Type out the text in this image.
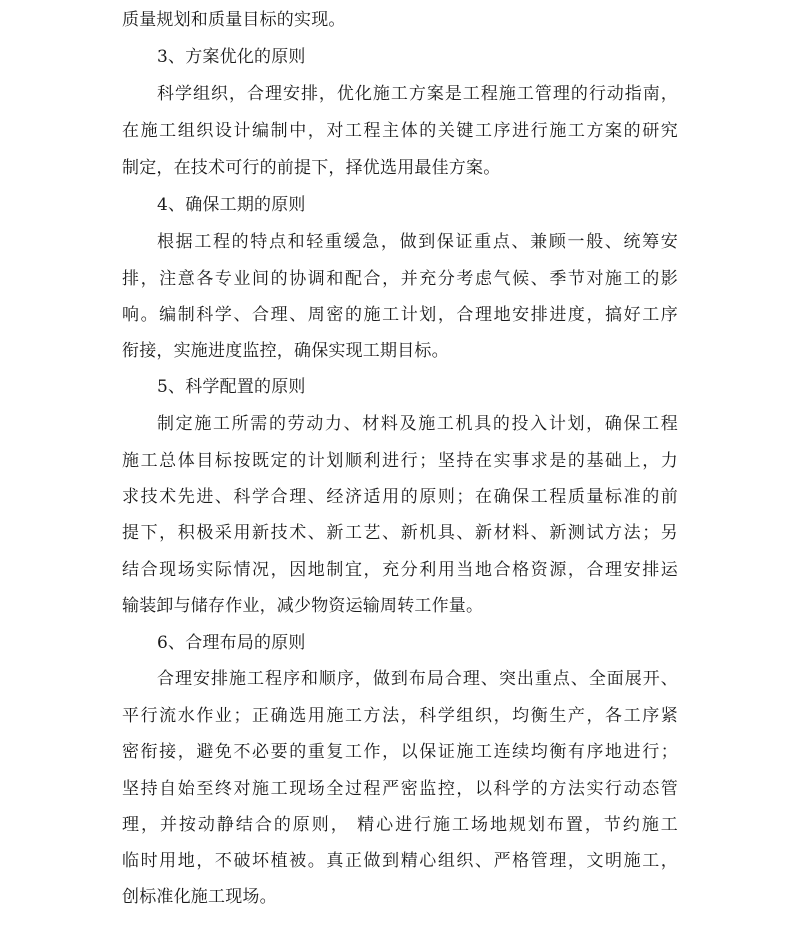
质量规划和质量目标的实现。
3、方案优化的原则
科学组织，合理安排，优化施工方案是工程施工管理的行动指南，
在施工组织设计编制中，对工程主体的关键工序进行施工方案的研究
制定，在技术可行的前提下，择优选用最佳方案。
4、确保工期的原则
根据工程的特点和轻重缓急，做到保证重点、兼顾一般、统筹安
排，注意各专业间的协调和配合，并充分考虑气候、季节对施工的影
响。编制科学、合理、周密的施工计划，合理地安排进度，搞好工序
衔接，实施进度监控，确保实现工期目标。
5、科学配置的原则
制定施工所需的劳动力、材料及施工机具的投入计划，确保工程
施工总体目标按既定的计划顺利进行；坚持在实事求是的基础上，力
求技术先进、科学合理、经济适用的原则；在确保工程质量标准的前
提下，积极采用新技术、新工艺、新机具、新材料、新测试方法；另
结合现场实际情况，因地制宜，充分利用当地合格资源，合理安排运
输装卸与储存作业，减少物资运输周转工作量。
6、合理布局的原则
合理安排施工程序和顺序，做到布局合理、突出重点、全面展开、
平行流水作业；正确选用施工方法，科学组织，均衡生产，各工序紧
密衔接，避免不必要的重复工作，以保证施工连续均衡有序地进行；
坚持自始至终对施工现场全过程严密监控，以科学的方法实行动态管
理，并按动静结合的原则， 精心进行施工场地规划布置，节约施工
临时用地，不破坏植被。真正做到精心组织、严格管理，文明施工，
创标准化施工现场。
